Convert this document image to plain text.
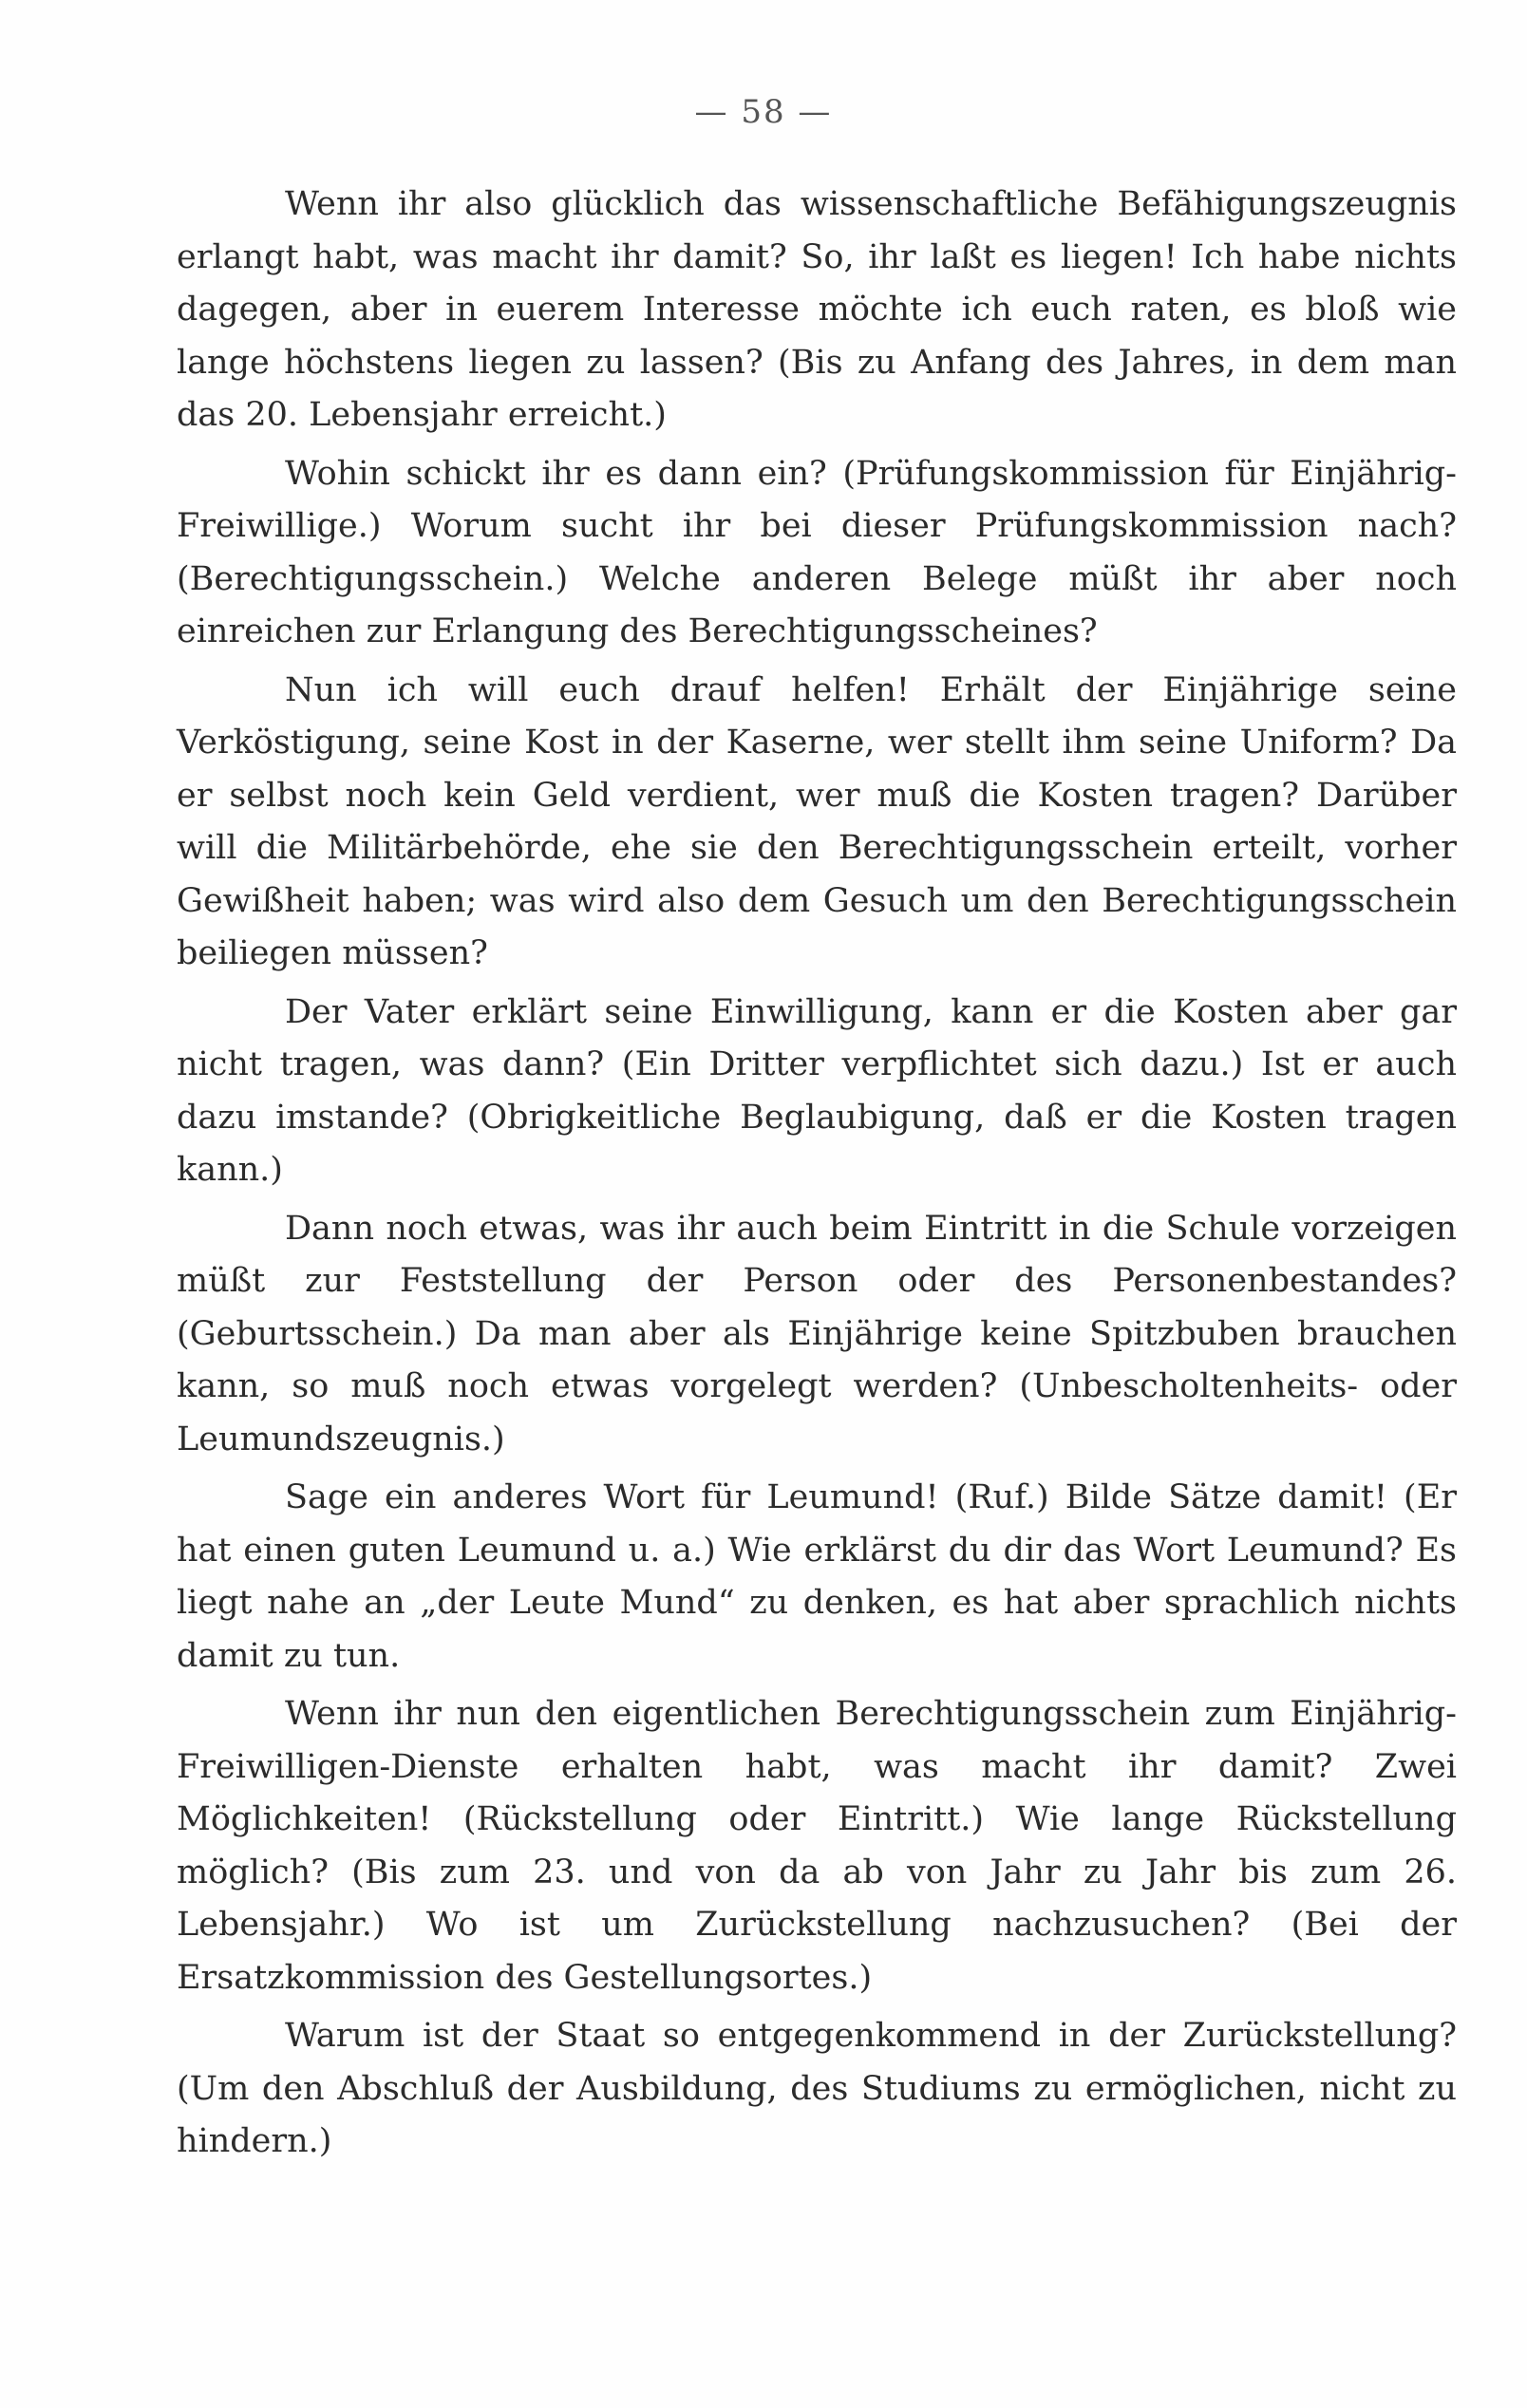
— 58 —

Wenn ihr also glücklich das wissenschaftliche Befähigungszeugnis erlangt habt, was macht ihr damit? So, ihr laßt es liegen! Ich habe nichts dagegen, aber in euerem Interesse möchte ich euch raten, es bloß wie lange höchstens liegen zu lassen? (Bis zu Anfang des Jahres, in dem man das 20. Lebensjahr erreicht.)

Wohin schickt ihr es dann ein? (Prüfungskommission für Einjährig-Freiwillige.) Worum sucht ihr bei dieser Prüfungskommission nach? (Berechtigungsschein.) Welche anderen Belege müßt ihr aber noch einreichen zur Erlangung des Berechtigungsscheines?

Nun ich will euch drauf helfen! Erhält der Einjährige seine Verköstigung, seine Kost in der Kaserne, wer stellt ihm seine Uniform? Da er selbst noch kein Geld verdient, wer muß die Kosten tragen? Darüber will die Militärbehörde, ehe sie den Berechtigungsschein erteilt, vorher Gewißheit haben; was wird also dem Gesuch um den Berechtigungsschein beiliegen müssen?

Der Vater erklärt seine Einwilligung, kann er die Kosten aber gar nicht tragen, was dann? (Ein Dritter verpflichtet sich dazu.) Ist er auch dazu imstande? (Obrigkeitliche Beglaubigung, daß er die Kosten tragen kann.)

Dann noch etwas, was ihr auch beim Eintritt in die Schule vorzeigen müßt zur Feststellung der Person oder des Personenbestandes? (Geburtsschein.) Da man aber als Einjährige keine Spitzbuben brauchen kann, so muß noch etwas vorgelegt werden? (Unbescholtenheits- oder Leumundszeugnis.)

Sage ein anderes Wort für Leumund! (Ruf.) Bilde Sätze damit! (Er hat einen guten Leumund u. a.) Wie erklärst du dir das Wort Leumund? Es liegt nahe an „der Leute Mund“ zu denken, es hat aber sprachlich nichts damit zu tun.

Wenn ihr nun den eigentlichen Berechtigungsschein zum Einjährig-Freiwilligen-Dienste erhalten habt, was macht ihr damit? Zwei Möglichkeiten! (Rückstellung oder Eintritt.) Wie lange Rückstellung möglich? (Bis zum 23. und von da ab von Jahr zu Jahr bis zum 26. Lebensjahr.) Wo ist um Zurückstellung nachzusuchen? (Bei der Ersatzkommission des Gestellungsortes.)

Warum ist der Staat so entgegenkommend in der Zurückstellung? (Um den Abschluß der Ausbildung, des Studiums zu ermöglichen, nicht zu hindern.)
